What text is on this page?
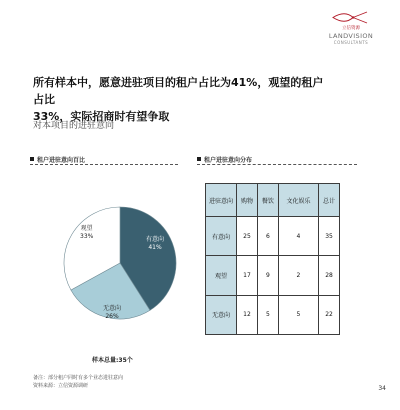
立信资源
LANDVISION
CONSULTANTS
所有样本中，愿意进驻项目的租户占比为41%，观望的租户占比
33%，实际招商时有望争取
对本项目的进驻意向
租户进驻意向百比
有意向
41%
无意向
26%
观望
33%
样本总量:35个
租户进驻意向分布
进驻意向	购物	餐饮	文化娱乐	总计
有意向	25	6	4	35
观望	17	9	2	28
无意向	12	5	5	22
备注：部分租户同时有多个业态进驻意向
资料来源：立信资源调研	34
